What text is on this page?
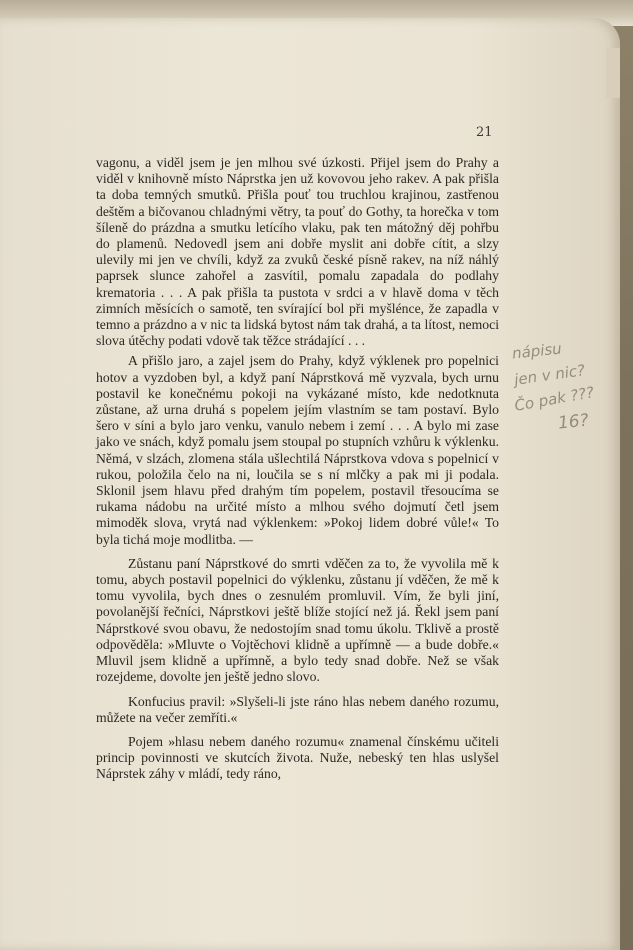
21

vagonu, a viděl jsem je jen mlhou své úzkosti. Přijel jsem do Prahy a viděl v knihovně místo Náprstka jen už kovovou jeho rakev. A pak přišla ta doba temných smutků. Přišla pouť tou truchlou krajinou, zastřenou deštěm a bičovanou chladnými větry, ta pouť do Gothy, ta horečka v tom šíleně do prázdna a smutku letícího vlaku, pak ten mátožný děj pohřbu do plamenů. Nedovedl jsem ani dobře myslit ani dobře cítit, a slzy ulevily mi jen ve chvíli, když za zvuků české písně rakev, na níž náhlý paprsek slunce zahořel a zasvítil, pomalu zapadala do podlahy krematoria . . . A pak přišla ta pustota v srdci a v hlavě doma v těch zimních měsících o samotě, ten svírající bol při myšlénce, že zapadla v temno a prázdno a v nic ta lidská bytost nám tak drahá, a ta lítost, nemoci slova útěchy podati vdově tak těžce strádající . . .

A přišlo jaro, a zajel jsem do Prahy, když výklenek pro popelnici hotov a vyzdoben byl, a když paní Náprstková mě vyzvala, bych urnu postavil ke konečnému pokoji na vykázané místo, kde nedotknuta zůstane, až urna druhá s popelem jejím vlastním se tam postaví. Bylo šero v síni a bylo jaro venku, vanulo nebem i zemí . . . A bylo mi zase jako ve snách, když pomalu jsem stoupal po stupních vzhůru k výklenku. Němá, v slzách, zlomena stála ušlechtilá Náprstkova vdova s popelnicí v rukou, položila čelo na ni, loučila se s ní mlčky a pak mi ji podala. Sklonil jsem hlavu před drahým tím popelem, postavil třesoucíma se rukama nádobu na určité místo a mlhou svého dojmutí četl jsem mimoděk slova, vrytá nad výklenkem: »Pokoj lidem dobré vůle!« To byla tichá moje modlitba. —

Zůstanu paní Náprstkové do smrti vděčen za to, že vyvolila mě k tomu, abych postavil popelnici do výklenku, zůstanu jí vděčen, že mě k tomu vyvolila, bych dnes o zesnulém promluvil. Vím, že byli jiní, povolanější řečníci, Náprstkovi ještě blíže stojící než já. Řekl jsem paní Náprstkové svou obavu, že nedostojím snad tomu úkolu. Tklivě a prostě odpověděla: »Mluvte o Vojtěchovi klidně a upřímně — a bude dobře.« Mluvil jsem klidně a upřímně, a bylo tedy snad dobře. Než se však rozejdeme, dovolte jen ještě jedno slovo.

Konfucius pravil: »Slyšeli-li jste ráno hlas nebem daného rozumu, můžete na večer zemříti.«

Pojem »hlasu nebem daného rozumu« znamenal čínskému učiteli princip povinnosti ve skutcích života. Nuže, nebeský ten hlas uslyšel Náprstek záhy v mládí, tedy ráno,

nápisu
jen v nic?
Čo pak ???
16?
